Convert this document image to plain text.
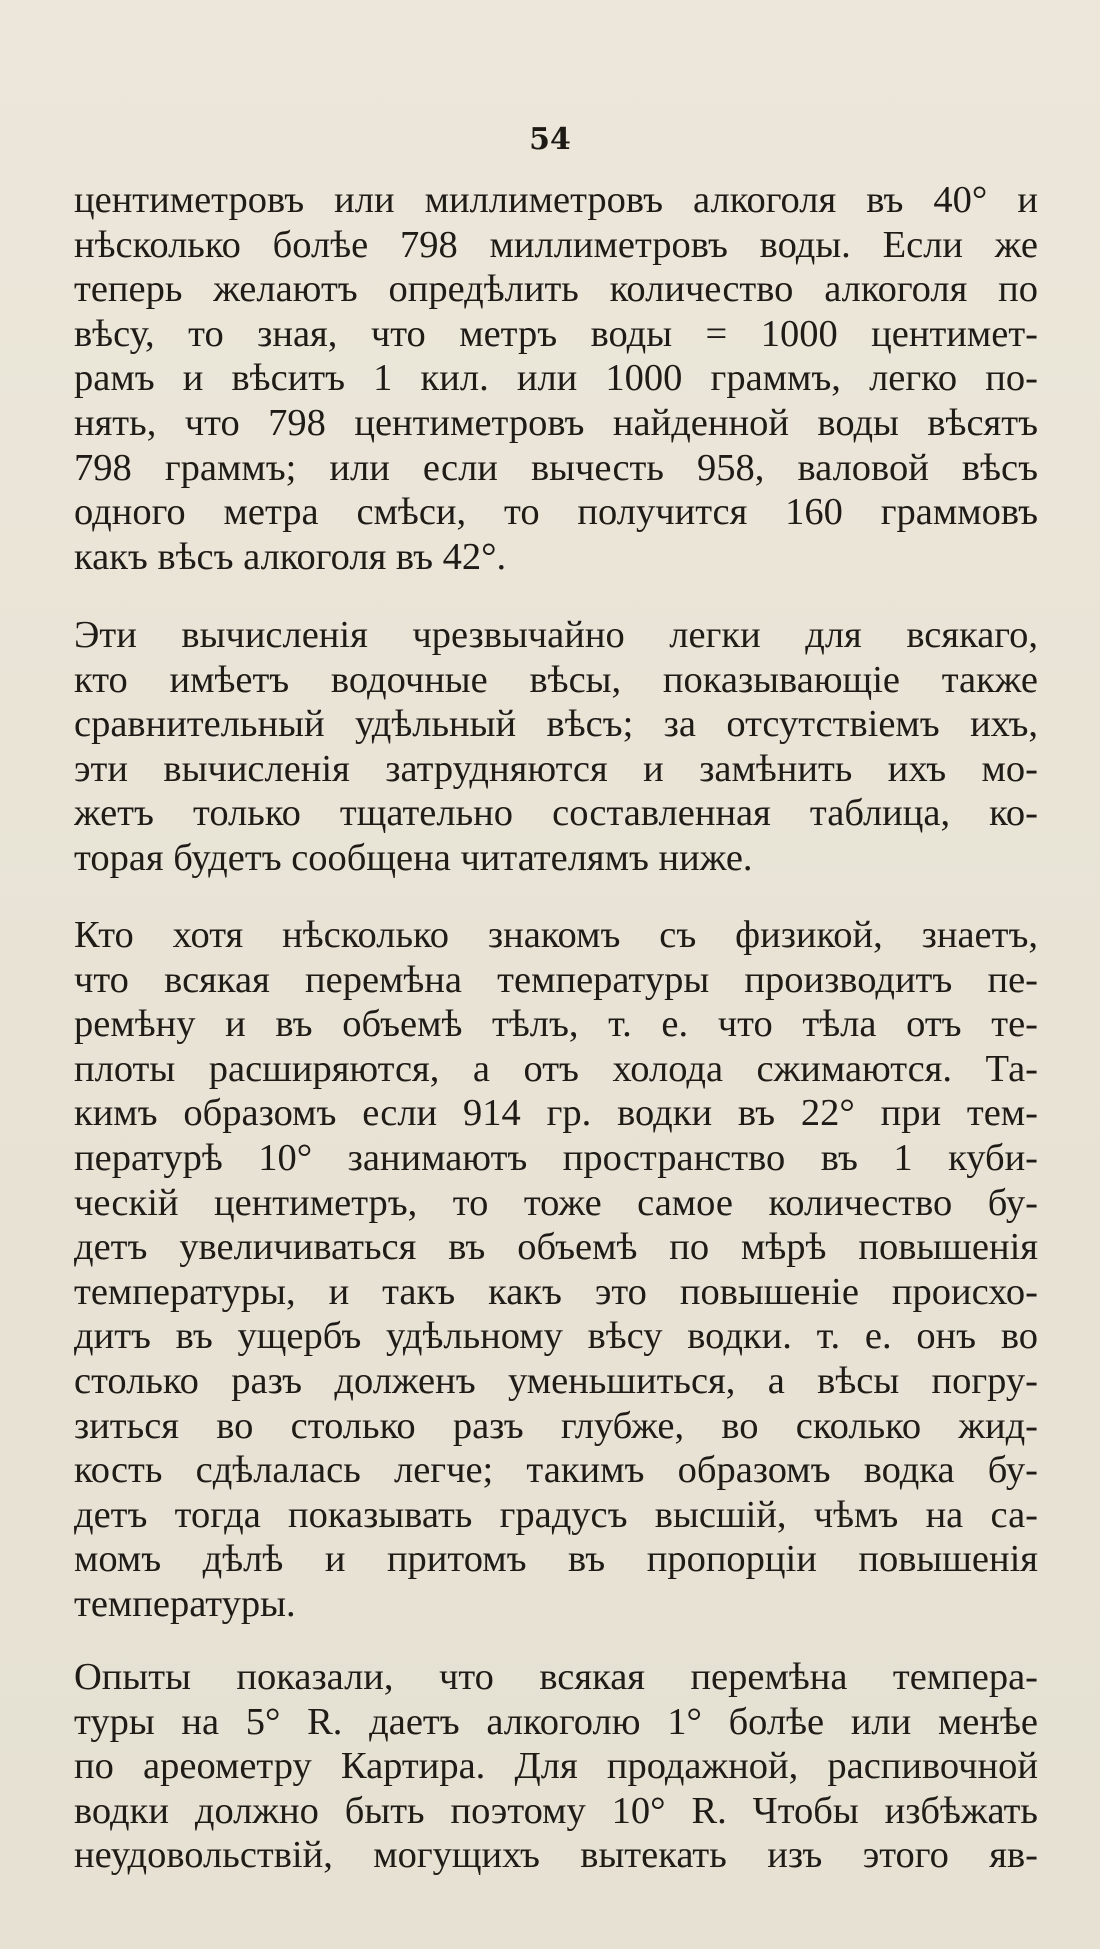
54
центиметровъ или миллиметровъ алкоголя въ 40° и
нѣсколько болѣе 798 миллиметровъ воды. Если же
теперь желаютъ опредѣлить количество алкоголя по
вѣсу, то зная, что метръ воды = 1000 центимет-
рамъ и вѣситъ 1 кил. или 1000 граммъ, легко по-
нять, что 798 центиметровъ найденной воды вѣсятъ
798 граммъ; или если вычесть 958, валовой вѣсъ
одного метра смѣси, то получится 160 граммовъ
какъ вѣсъ алкоголя въ 42°.
Эти вычисленія чрезвычайно легки для всякаго,
кто имѣетъ водочные вѣсы, показывающіе также
сравнительный удѣльный вѣсъ; за отсутствіемъ ихъ,
эти вычисленія затрудняются и замѣнить ихъ мо-
жетъ только тщательно составленная таблица, ко-
торая будетъ сообщена читателямъ ниже.
Кто хотя нѣсколько знакомъ съ физикой, знаетъ,
что всякая перемѣна температуры производитъ пе-
ремѣну и въ объемѣ тѣлъ, т. е. что тѣла отъ те-
плоты расширяются, а отъ холода сжимаются. Та-
кимъ образомъ если 914 гр. водки въ 22° при тем-
пературѣ 10° занимаютъ пространство въ 1 куби-
ческій центиметръ, то тоже самое количество бу-
детъ увеличиваться въ объемѣ по мѣрѣ повышенія
температуры, и такъ какъ это повышеніе происхо-
дитъ въ ущербъ удѣльному вѣсу водки. т. е. онъ во
столько разъ долженъ уменьшиться, а вѣсы погру-
зиться во столько разъ глубже, во сколько жид-
кость сдѣлалась легче; такимъ образомъ водка бу-
детъ тогда показывать градусъ высшій, чѣмъ на са-
момъ дѣлѣ и притомъ въ пропорціи повышенія
температуры.
Опыты показали, что всякая перемѣна темпера-
туры на 5° R. даетъ алкоголю 1° болѣе или менѣе
по ареометру Картира. Для продажной, распивочной
водки должно быть поэтому 10° R. Чтобы избѣжать
неудовольствій, могущихъ вытекать изъ этого яв-
